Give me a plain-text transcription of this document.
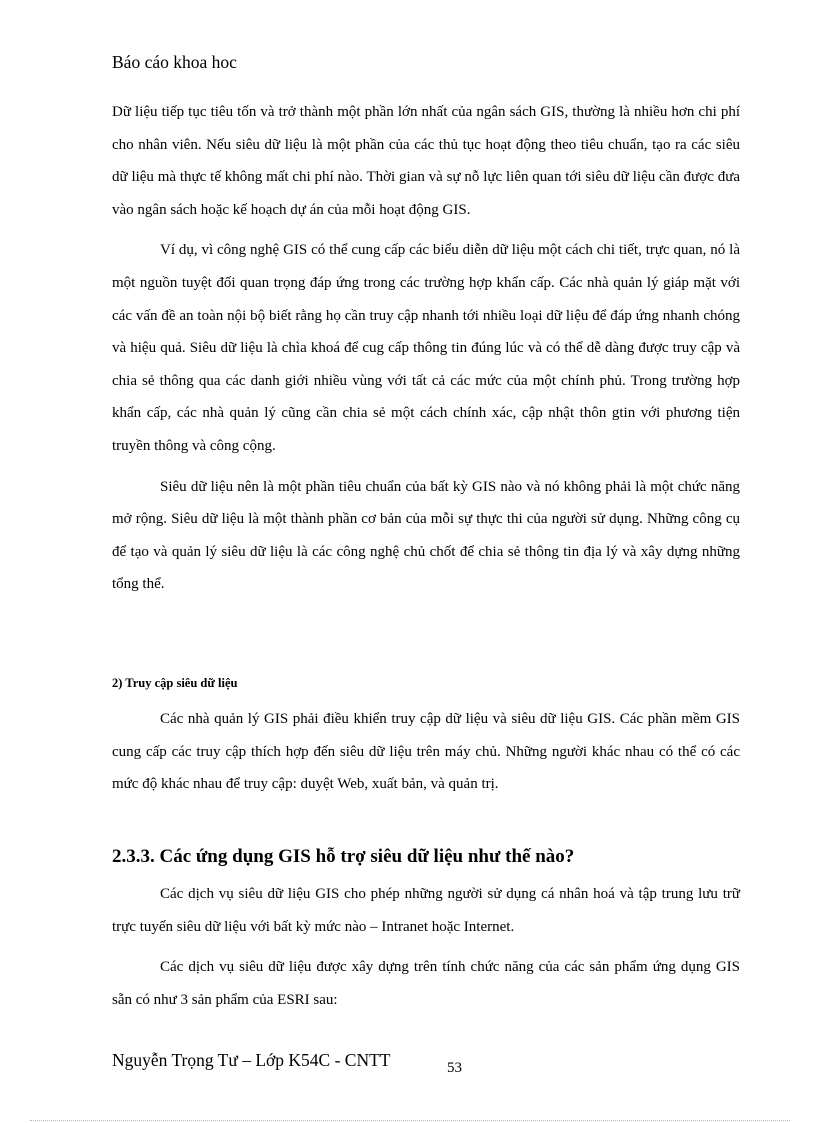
Báo cáo khoa hoc

Dữ liệu tiếp tục tiêu tốn và trở thành một phần lớn nhất của ngân sách GIS, thường là nhiều hơn chi phí cho nhân viên. Nếu siêu dữ liệu là một phần của các thủ tục hoạt động theo tiêu chuẩn, tạo ra các siêu dữ liệu mà thực tế không mất chi phí nào. Thời gian và sự nỗ lực liên quan tới siêu dữ liệu cần được đưa vào ngân sách hoặc kế hoạch dự án của mỗi hoạt động GIS.

Ví dụ, vì công nghệ GIS có thể cung cấp các biểu diễn dữ liệu một cách chi tiết, trực quan, nó là một nguồn tuyệt đối quan trọng đáp ứng trong các trường hợp khẩn cấp. Các nhà quản lý giáp mặt với các vấn đề an toàn nội bộ biết rằng họ cần truy cập nhanh tới nhiều loại dữ liệu để đáp ứng nhanh chóng và hiệu quả. Siêu dữ liệu là chìa khoá để cug cấp thông tin đúng lúc và có thể dễ dàng được truy cập và chia sẻ thông qua các danh giới nhiều vùng với tất cả các mức của một chính phủ. Trong trường hợp khẩn cấp, các nhà quản lý cũng cần chia sẻ một cách chính xác, cập nhật thôn gtin với phương tiện truyền thông và công cộng.

Siêu dữ liệu nên là một phần tiêu chuẩn của bất kỳ GIS nào và nó không phải là một chức năng mở rộng. Siêu dữ liệu là một thành phần cơ bản của mỗi sự thực thi của người sử dụng. Những công cụ để tạo và quản lý siêu dữ liệu là các công nghệ chủ chốt để chia sẻ thông tin địa lý và xây dựng những tổng thể.

2) Truy cập siêu dữ liệu

Các nhà quản lý GIS phải điều khiển truy cập dữ liệu và siêu dữ liệu GIS. Các phần mềm GIS cung cấp các truy cập thích hợp đến siêu dữ liệu trên máy chủ. Những người khác nhau có thể có các mức độ khác nhau để truy cập: duyệt Web, xuất bản, và quản trị.

2.3.3. Các ứng dụng GIS hỗ trợ siêu dữ liệu như thế nào?

Các dịch vụ siêu dữ liệu GIS cho phép những người sử dụng cá nhân hoá và tập trung lưu trữ trực tuyến siêu dữ liệu với bất kỳ mức nào – Intranet hoặc Internet.

Các dịch vụ siêu dữ liệu được xây dựng trên tính chức năng của các sản phẩm ứng dụng GIS sẵn có như 3 sản phẩm của ESRI sau:

Nguyễn Trọng Tư – Lớp K54C - CNTT	53
